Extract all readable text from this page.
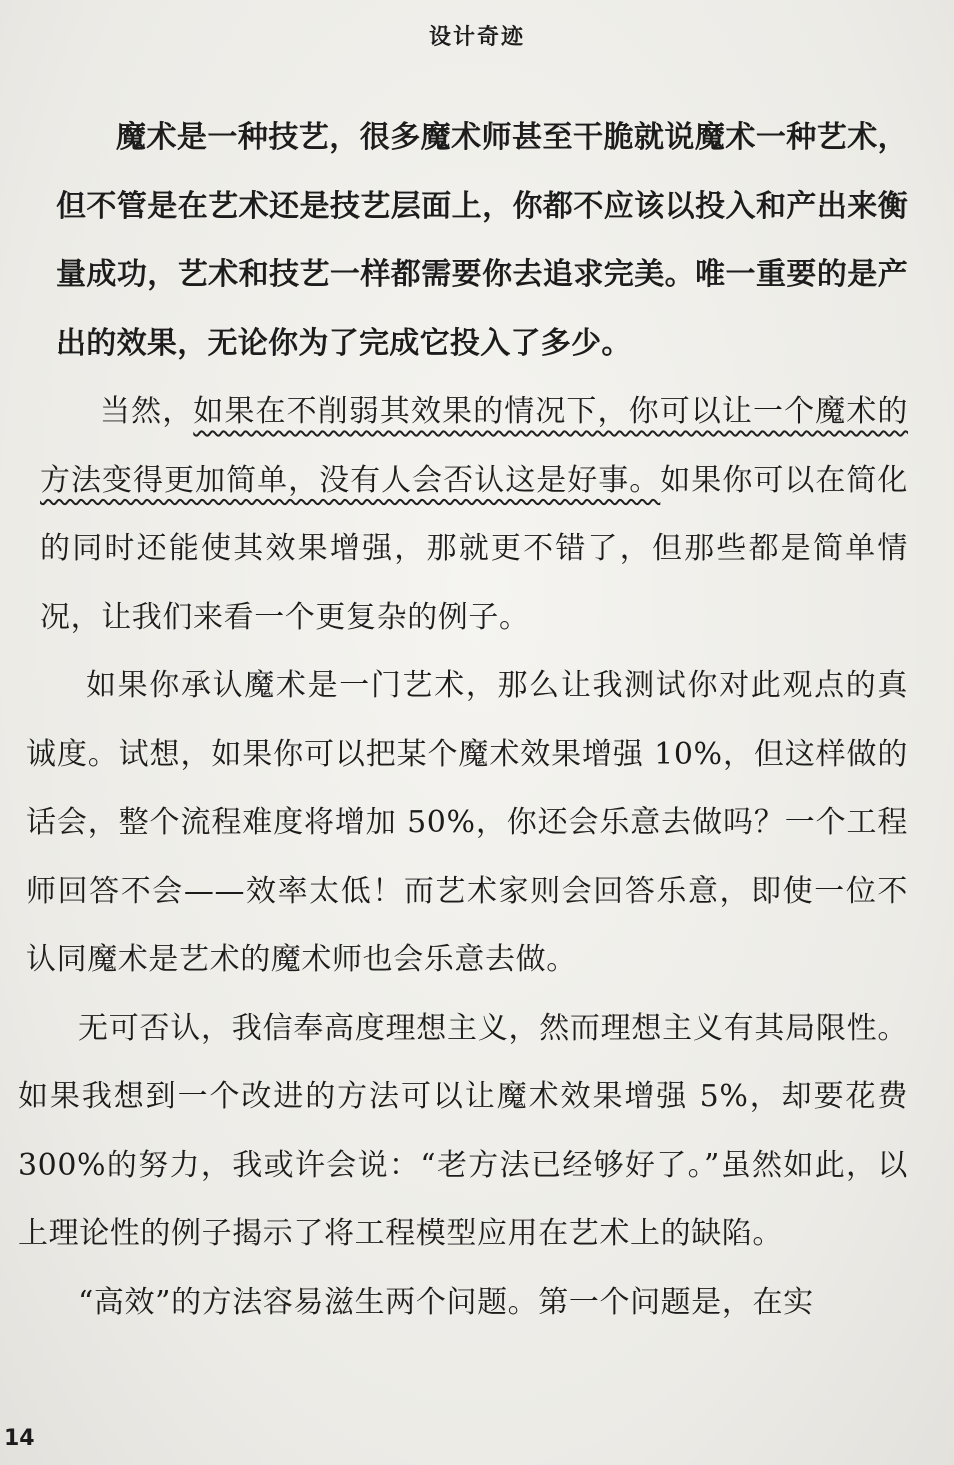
设计奇迹

魔术是一种技艺，很多魔术师甚至干脆就说魔术一种艺术，但不管是在艺术还是技艺层面上，你都不应该以投入和产出来衡量成功，艺术和技艺一样都需要你去追求完美。唯一重要的是产出的效果，无论你为了完成它投入了多少。

当然，如果在不削弱其效果的情况下，你可以让一个魔术的方法变得更加简单，没有人会否认这是好事。如果你可以在简化的同时还能使其效果增强，那就更不错了，但那些都是简单情况，让我们来看一个更复杂的例子。

如果你承认魔术是一门艺术，那么让我测试你对此观点的真诚度。试想，如果你可以把某个魔术效果增强 10%，但这样做的话会，整个流程难度将增加 50%，你还会乐意去做吗？一个工程师回答不会——效率太低！而艺术家则会回答乐意，即使一位不认同魔术是艺术的魔术师也会乐意去做。

无可否认，我信奉高度理想主义，然而理想主义有其局限性。如果我想到一个改进的方法可以让魔术效果增强 5%，却要花费 300%的努力，我或许会说：“老方法已经够好了。”虽然如此，以上理论性的例子揭示了将工程模型应用在艺术上的缺陷。

“高效”的方法容易滋生两个问题。第一个问题是，在实

14
